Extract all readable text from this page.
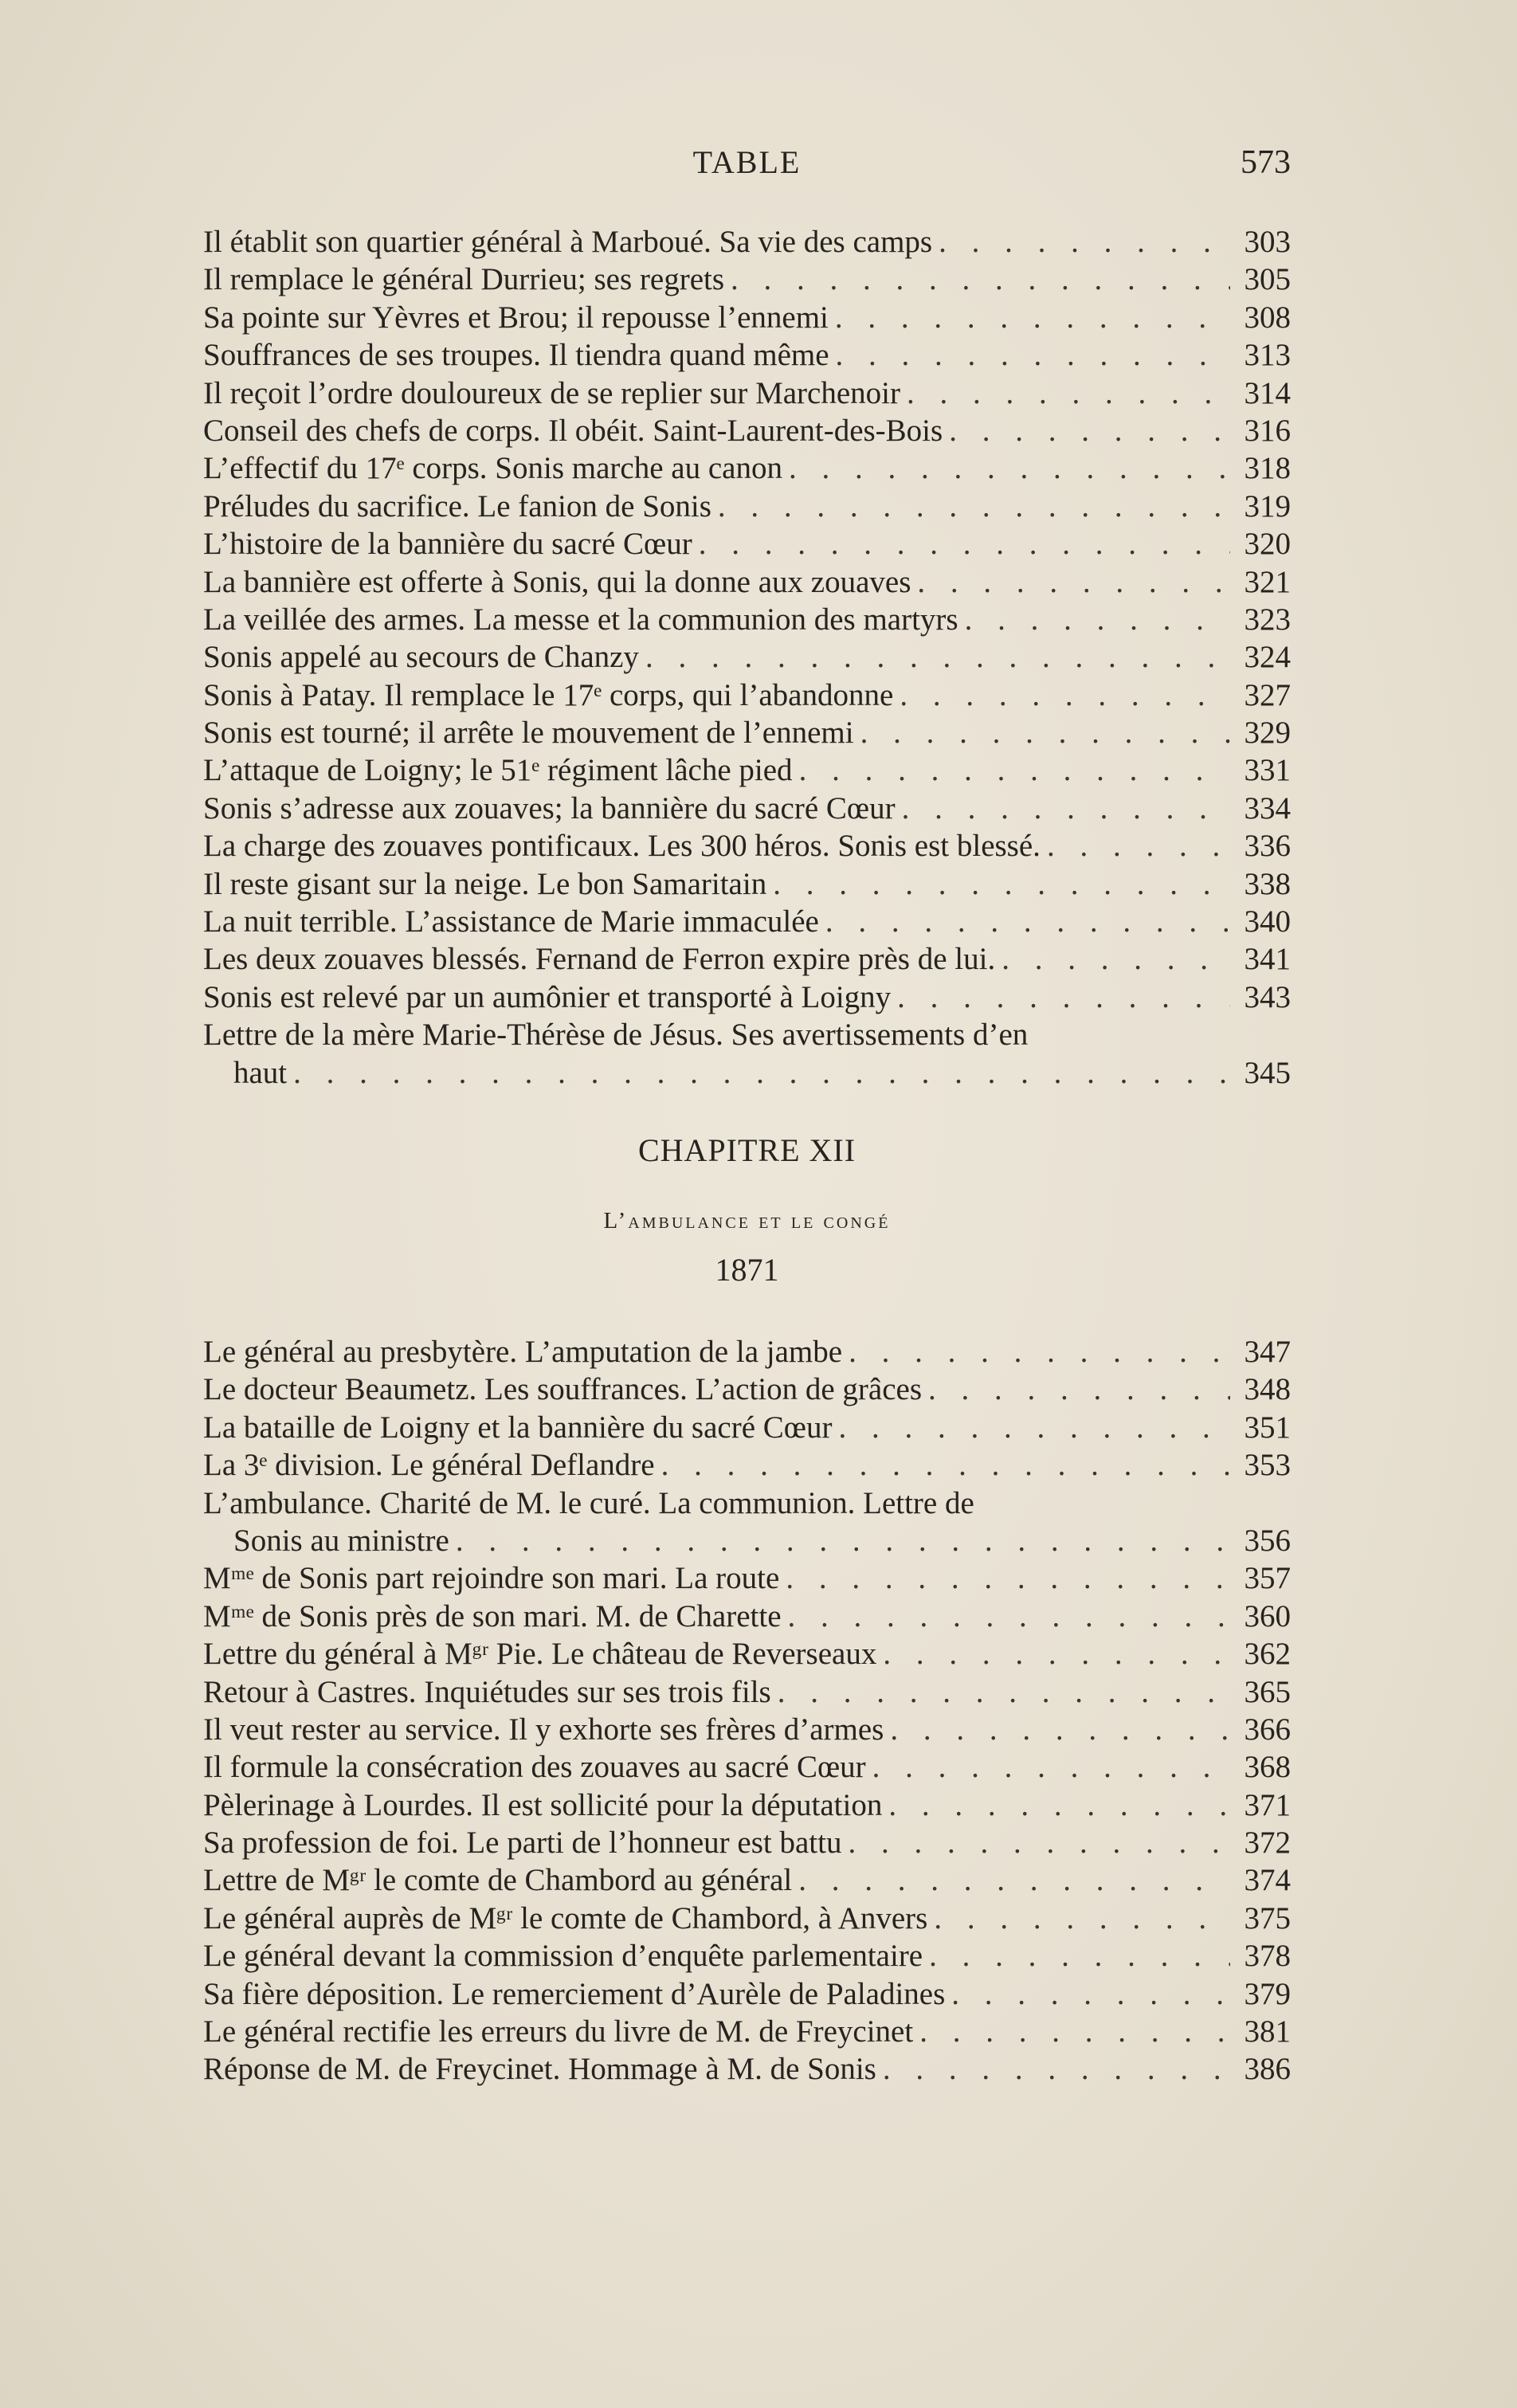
TABLE	573
Il établit son quartier général à Marboué. Sa vie des camps . . .	303
Il remplace le général Durrieu; ses regrets . . .	305
Sa pointe sur Yèvres et Brou; il repousse l’ennemi . . .	308
Souffrances de ses troupes. Il tiendra quand même . . .	313
Il reçoit l’ordre douloureux de se replier sur Marchenoir . . .	314
Conseil des chefs de corps. Il obéit. Saint-Laurent-des-Bois . . .	316
L’effectif du 17ᵉ corps. Sonis marche au canon . . .	318
Préludes du sacrifice. Le fanion de Sonis . . .	319
L’histoire de la bannière du sacré Cœur . . .	320
La bannière est offerte à Sonis, qui la donne aux zouaves . . .	321
La veillée des armes. La messe et la communion des martyrs . . .	323
Sonis appelé au secours de Chanzy . . .	324
Sonis à Patay. Il remplace le 17ᵉ corps, qui l’abandonne . . .	327
Sonis est tourné; il arrête le mouvement de l’ennemi . . .	329
L’attaque de Loigny; le 51ᵉ régiment lâche pied . . .	331
Sonis s’adresse aux zouaves; la bannière du sacré Cœur . . .	334
La charge des zouaves pontificaux. Les 300 héros. Sonis est blessé. . . .	336
Il reste gisant sur la neige. Le bon Samaritain . . .	338
La nuit terrible. L’assistance de Marie immaculée . . .	340
Les deux zouaves blessés. Fernand de Ferron expire près de lui. . . .	341
Sonis est relevé par un aumônier et transporté à Loigny . . .	343
Lettre de la mère Marie-Thérèse de Jésus. Ses avertissements d’en
haut . . .	345
CHAPITRE XII
L’ambulance et le congé
1871
Le général au presbytère. L’amputation de la jambe . . .	347
Le docteur Beaumetz. Les souffrances. L’action de grâces . . .	348
La bataille de Loigny et la bannière du sacré Cœur . . .	351
La 3ᵉ division. Le général Deflandre . . .	353
L’ambulance. Charité de M. le curé. La communion. Lettre de
Sonis au ministre . . .	356
Mᵐᵉ de Sonis part rejoindre son mari. La route . . .	357
Mᵐᵉ de Sonis près de son mari. M. de Charette . . .	360
Lettre du général à Mᵍʳ Pie. Le château de Reverseaux . . .	362
Retour à Castres. Inquiétudes sur ses trois fils . . .	365
Il veut rester au service. Il y exhorte ses frères d’armes . . .	366
Il formule la consécration des zouaves au sacré Cœur . . .	368
Pèlerinage à Lourdes. Il est sollicité pour la députation . . .	371
Sa profession de foi. Le parti de l’honneur est battu . . .	372
Lettre de Mᵍʳ le comte de Chambord au général . . .	374
Le général auprès de Mᵍʳ le comte de Chambord, à Anvers . . .	375
Le général devant la commission d’enquête parlementaire . . .	378
Sa fière déposition. Le remerciement d’Aurèle de Paladines . . .	379
Le général rectifie les erreurs du livre de M. de Freycinet . . .	381
Réponse de M. de Freycinet. Hommage à M. de Sonis . . .	386
